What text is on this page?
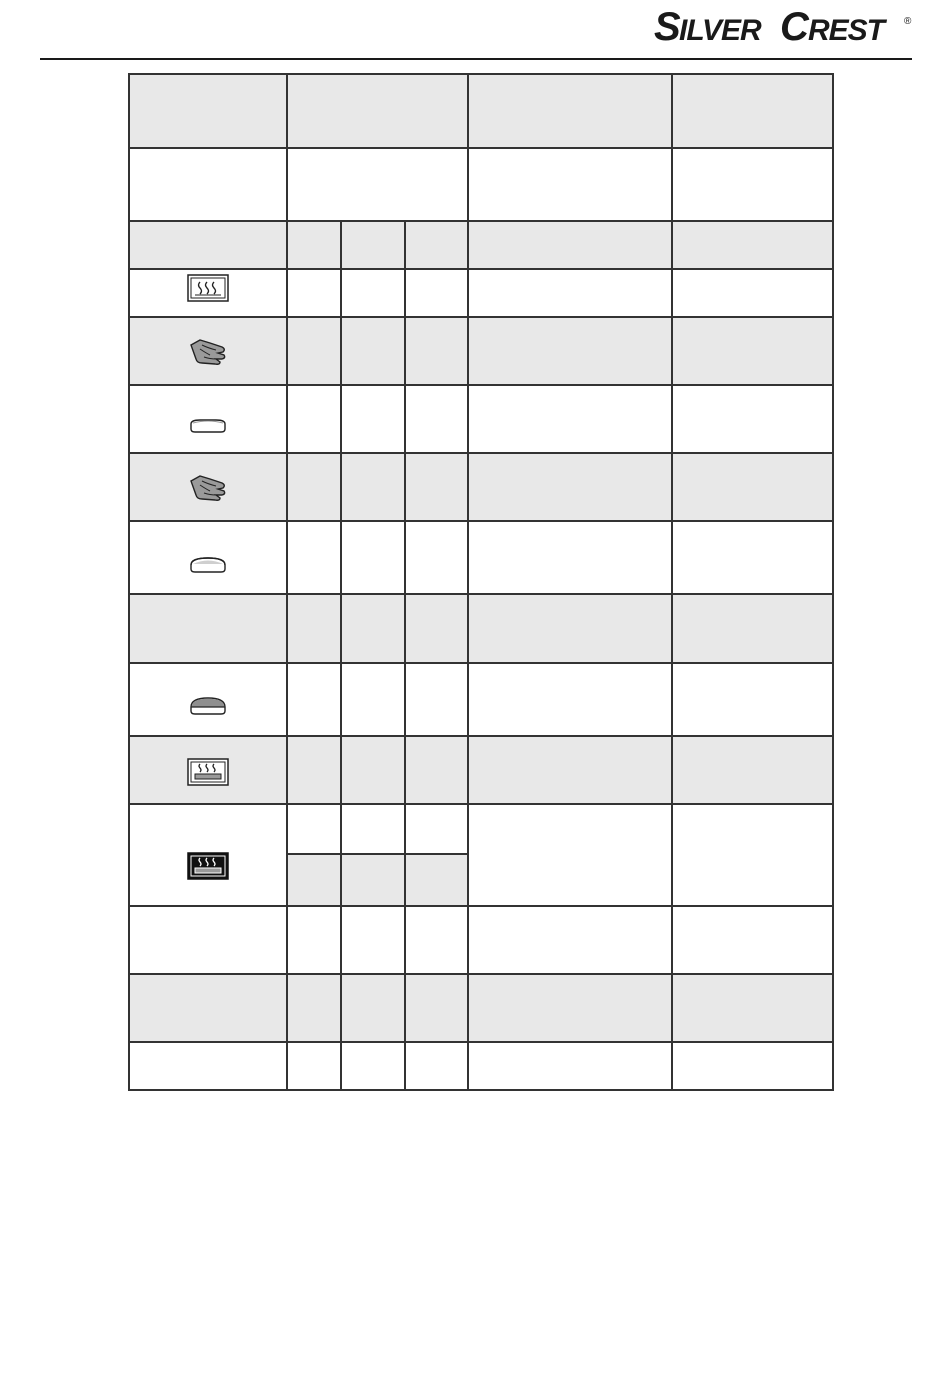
S ILVER C REST	®
